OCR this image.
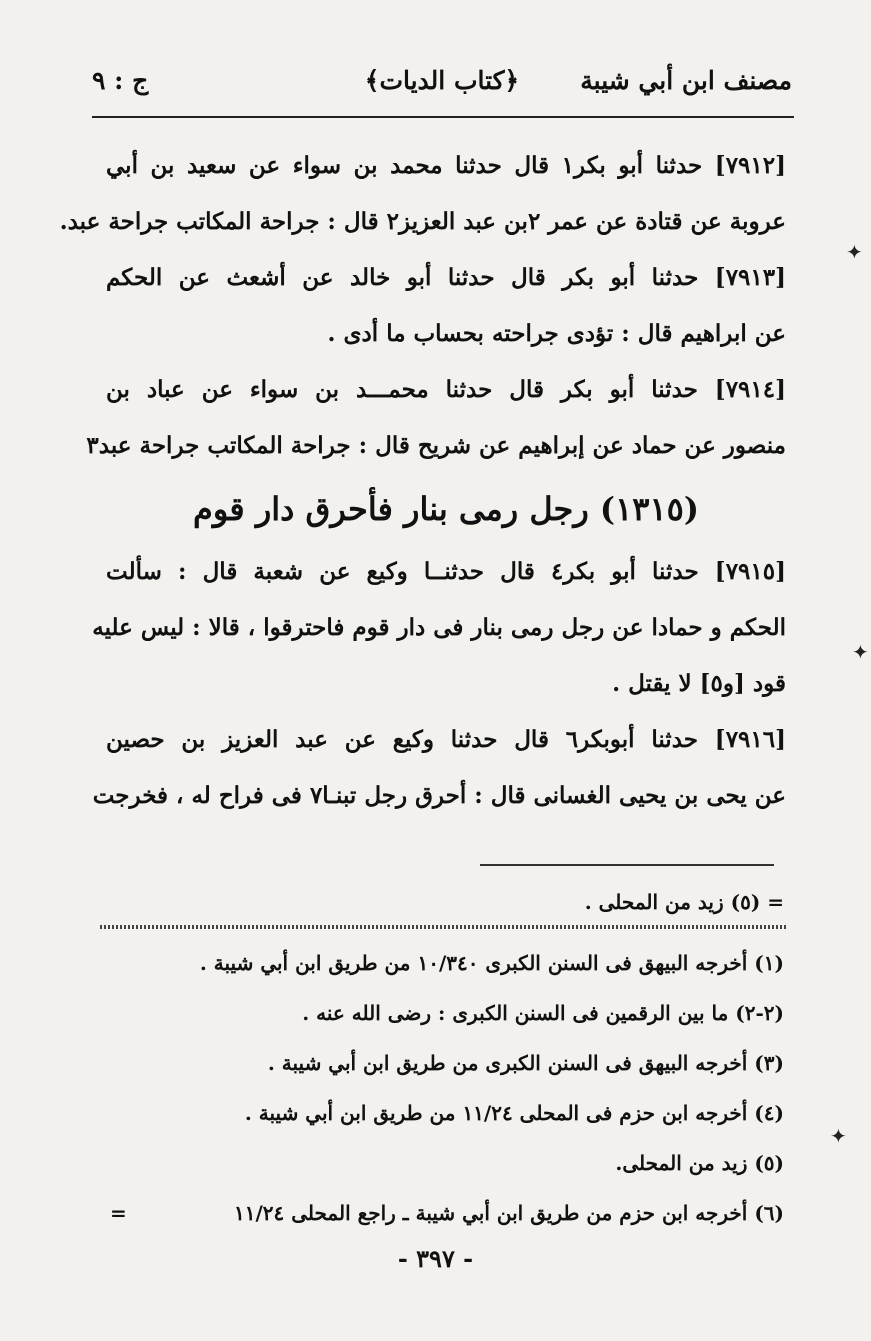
مصنف ابن أبي شيبة
﴿كتاب الديات﴾
ج : ٩
[٧٩١٢] حدثنا أبو بكر١ قال حدثنا محمد بن سواء عن سعيد بن أبي
عروبة عن قتادة عن عمر ٢بن عبد العزيز٢ قال : جراحة المكاتب جراحة عبد.
[٧٩١٣] حدثنا أبو بكر قال حدثنا أبو خالد عن أشعث عن الحكم
عن ابراهيم قال : تؤدى جراحته بحساب ما أدى .
[٧٩١٤] حدثنا أبو بكر قال حدثنا محمـــد بن سواء عن عباد بن
منصور عن حماد عن إبراهيم عن شريح قال : جراحة المكاتب جراحة عبد٣
(١٣١٥) رجل رمى بنار فأحرق دار قوم
[٧٩١٥] حدثنا أبو بكر٤ قال حدثنــا وكيع عن شعبة قال : سألت
الحكم و حمادا عن رجل رمى بنار فى دار قوم فاحترقوا ، قالا : ليس عليه
قود [و٥] لا يقتل .
[٧٩١٦] حدثنا أبوبكر٦ قال حدثنا وكيع عن عبد العزيز بن حصين
عن يحى بن يحيى الغسانى قال : أحرق رجل تبنـا٧ فى فراح له ، فخرجت
= (٥) زيد من المحلى .
(١) أخرجه البيهق فى السنن الكبرى ١٠/٣٤٠ من طريق ابن أبي شيبة .
(٢-٢) ما بين الرقمين فى السنن الكبرى : رضى الله عنه .
(٣) أخرجه البيهق فى السنن الكبرى من طريق ابن أبي شيبة .
(٤) أخرجه ابن حزم فى المحلى ١١/٢٤ من طريق ابن أبي شيبة .
(٥) زيد من المحلى.
(٦) أخرجه ابن حزم من طريق ابن أبي شيبة ـ راجع المحلى ١١/٢٤
=
- ٣٩٧ -
✦
✦
✦
